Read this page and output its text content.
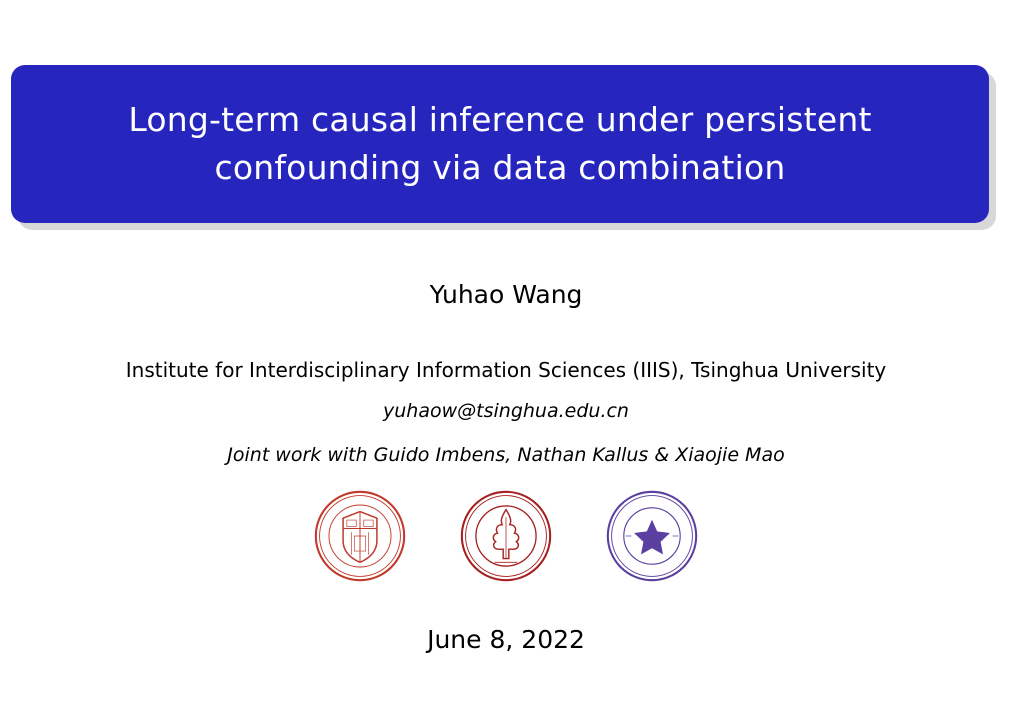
Long-term causal inference under persistent
confounding via data combination
Yuhao Wang
Institute for Interdisciplinary Information Sciences (IIIS), Tsinghua University
yuhaow@tsinghua.edu.cn
Joint work with Guido Imbens, Nathan Kallus & Xiaojie Mao
June 8, 2022
